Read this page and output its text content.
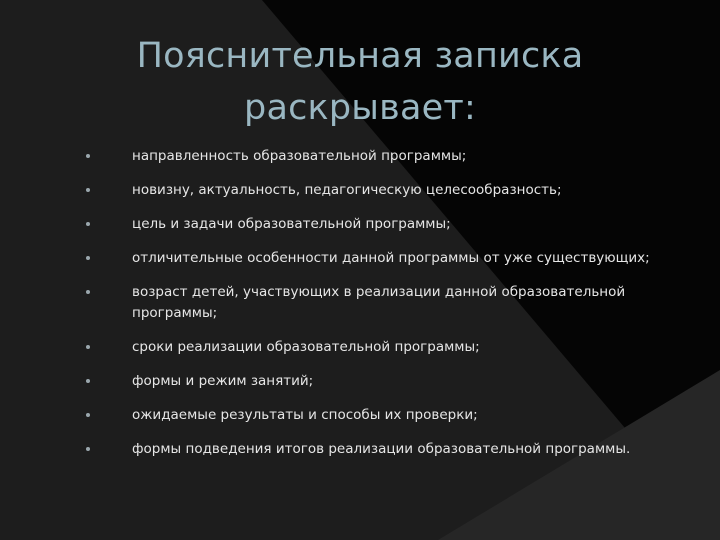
Пояснительная записка
раскрывает:
направленность образовательной программы;
новизну, актуальность, педагогическую целесообразность;
цель и задачи образовательной программы;
отличительные особенности данной программы от уже существующих;
возраст детей, участвующих в реализации данной образовательной программы;
сроки реализации образовательной программы;
формы и режим занятий;
ожидаемые результаты и способы их проверки;
формы подведения итогов реализации образовательной программы.
